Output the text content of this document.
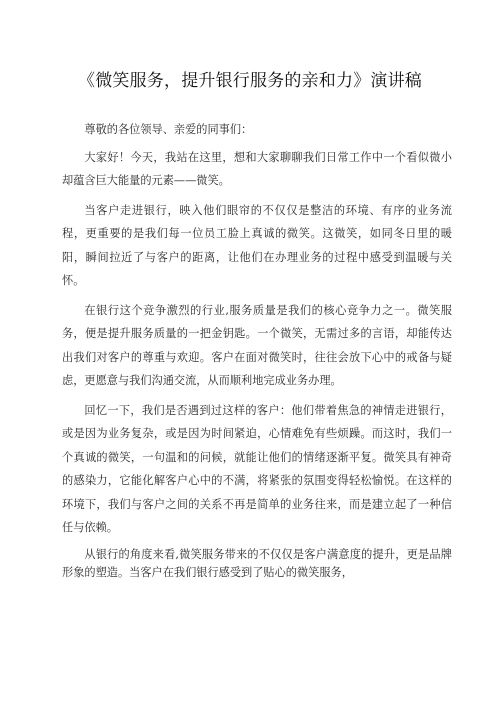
《微笑服务，提升银行服务的亲和力》演讲稿

尊敬的各位领导、亲爱的同事们：

大家好！今天，我站在这里，想和大家聊聊我们日常工作中一个看似微小却蕴含巨大能量的元素——微笑。

当客户走进银行，映入他们眼帘的不仅仅是整洁的环境、有序的业务流程，更重要的是我们每一位员工脸上真诚的微笑。这微笑，如同冬日里的暖阳，瞬间拉近了与客户的距离，让他们在办理业务的过程中感受到温暖与关怀。

在银行这个竞争激烈的行业,服务质量是我们的核心竞争力之一。微笑服务，便是提升服务质量的一把金钥匙。一个微笑，无需过多的言语，却能传达出我们对客户的尊重与欢迎。客户在面对微笑时，往往会放下心中的戒备与疑虑，更愿意与我们沟通交流，从而顺利地完成业务办理。

回忆一下，我们是否遇到过这样的客户：他们带着焦急的神情走进银行，或是因为业务复杂，或是因为时间紧迫，心情难免有些烦躁。而这时，我们一个真诚的微笑，一句温和的问候，就能让他们的情绪逐渐平复。微笑具有神奇的感染力，它能化解客户心中的不满，将紧张的氛围变得轻松愉悦。在这样的环境下，我们与客户之间的关系不再是简单的业务往来，而是建立起了一种信任与依赖。

从银行的角度来看,微笑服务带来的不仅仅是客户满意度的提升，更是品牌形象的塑造。当客户在我们银行感受到了贴心的微笑服务，
